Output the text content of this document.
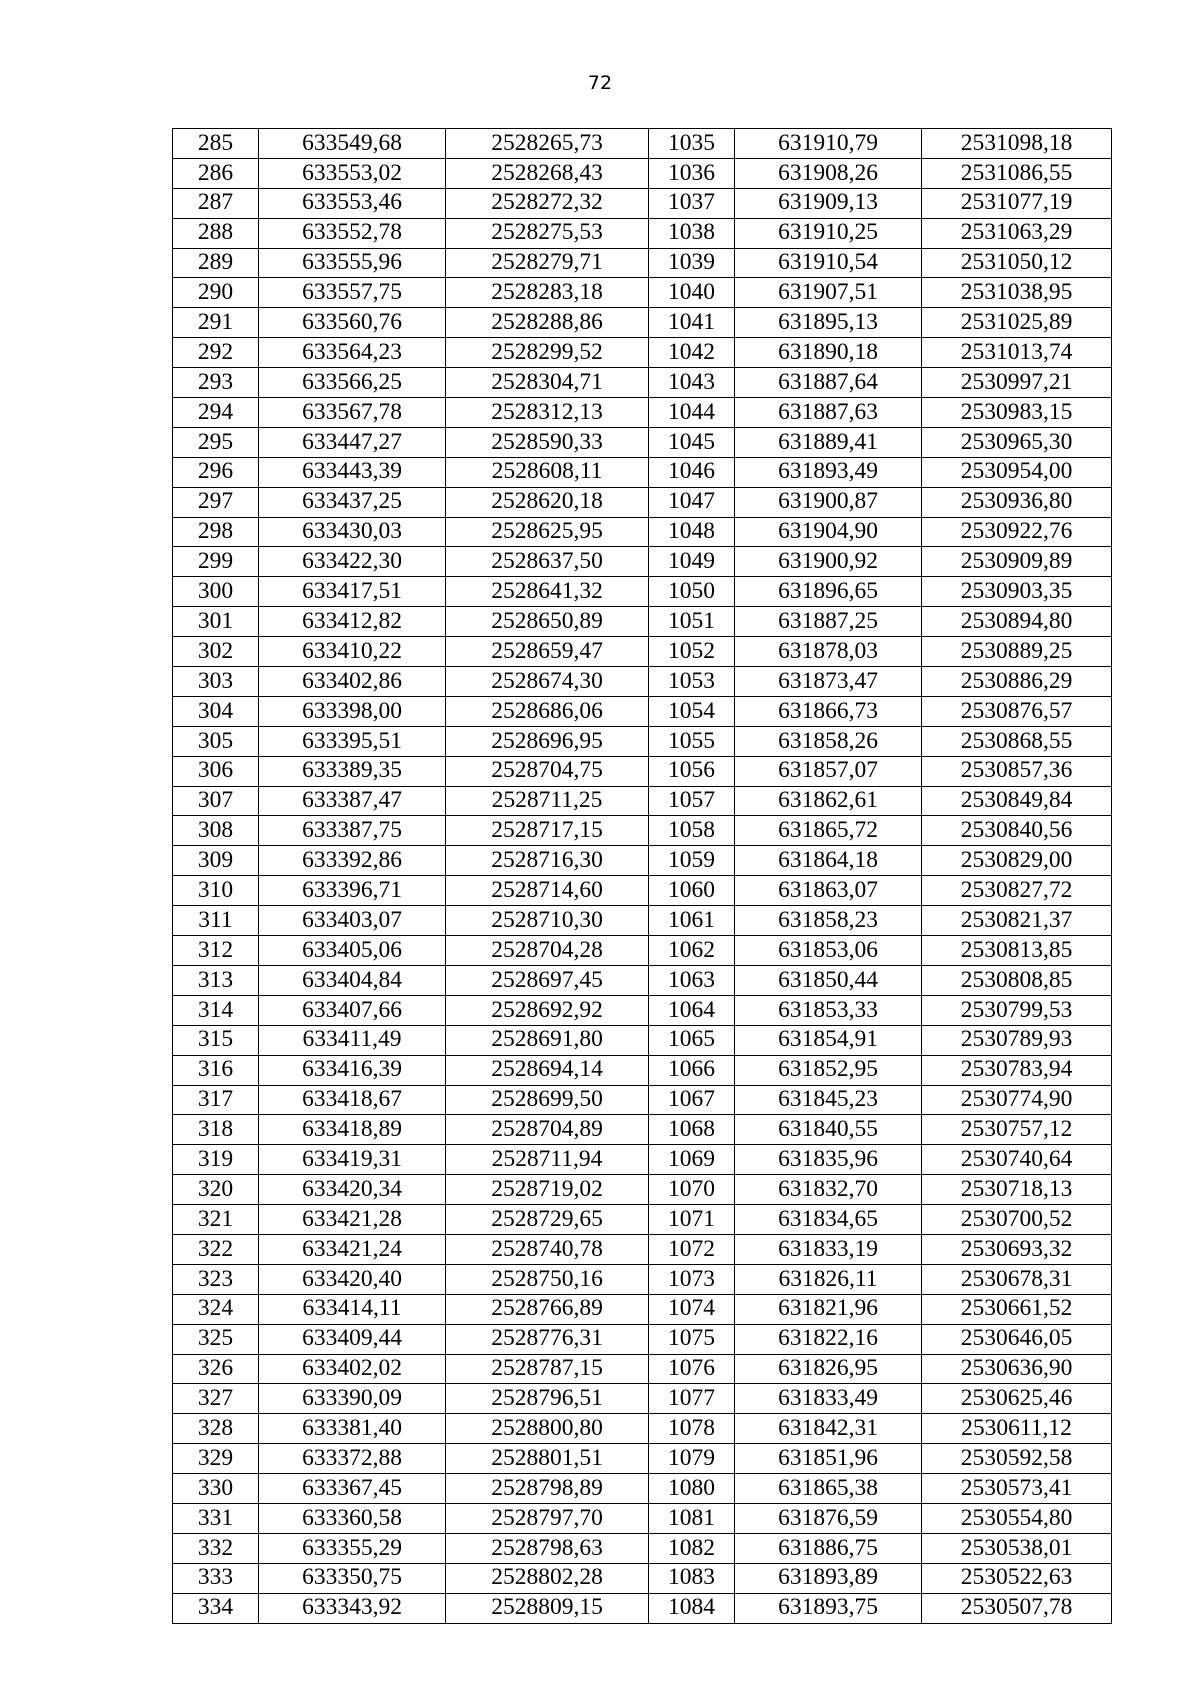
72
285	633549,68	2528265,73	1035	631910,79	2531098,18
286	633553,02	2528268,43	1036	631908,26	2531086,55
287	633553,46	2528272,32	1037	631909,13	2531077,19
288	633552,78	2528275,53	1038	631910,25	2531063,29
289	633555,96	2528279,71	1039	631910,54	2531050,12
290	633557,75	2528283,18	1040	631907,51	2531038,95
291	633560,76	2528288,86	1041	631895,13	2531025,89
292	633564,23	2528299,52	1042	631890,18	2531013,74
293	633566,25	2528304,71	1043	631887,64	2530997,21
294	633567,78	2528312,13	1044	631887,63	2530983,15
295	633447,27	2528590,33	1045	631889,41	2530965,30
296	633443,39	2528608,11	1046	631893,49	2530954,00
297	633437,25	2528620,18	1047	631900,87	2530936,80
298	633430,03	2528625,95	1048	631904,90	2530922,76
299	633422,30	2528637,50	1049	631900,92	2530909,89
300	633417,51	2528641,32	1050	631896,65	2530903,35
301	633412,82	2528650,89	1051	631887,25	2530894,80
302	633410,22	2528659,47	1052	631878,03	2530889,25
303	633402,86	2528674,30	1053	631873,47	2530886,29
304	633398,00	2528686,06	1054	631866,73	2530876,57
305	633395,51	2528696,95	1055	631858,26	2530868,55
306	633389,35	2528704,75	1056	631857,07	2530857,36
307	633387,47	2528711,25	1057	631862,61	2530849,84
308	633387,75	2528717,15	1058	631865,72	2530840,56
309	633392,86	2528716,30	1059	631864,18	2530829,00
310	633396,71	2528714,60	1060	631863,07	2530827,72
311	633403,07	2528710,30	1061	631858,23	2530821,37
312	633405,06	2528704,28	1062	631853,06	2530813,85
313	633404,84	2528697,45	1063	631850,44	2530808,85
314	633407,66	2528692,92	1064	631853,33	2530799,53
315	633411,49	2528691,80	1065	631854,91	2530789,93
316	633416,39	2528694,14	1066	631852,95	2530783,94
317	633418,67	2528699,50	1067	631845,23	2530774,90
318	633418,89	2528704,89	1068	631840,55	2530757,12
319	633419,31	2528711,94	1069	631835,96	2530740,64
320	633420,34	2528719,02	1070	631832,70	2530718,13
321	633421,28	2528729,65	1071	631834,65	2530700,52
322	633421,24	2528740,78	1072	631833,19	2530693,32
323	633420,40	2528750,16	1073	631826,11	2530678,31
324	633414,11	2528766,89	1074	631821,96	2530661,52
325	633409,44	2528776,31	1075	631822,16	2530646,05
326	633402,02	2528787,15	1076	631826,95	2530636,90
327	633390,09	2528796,51	1077	631833,49	2530625,46
328	633381,40	2528800,80	1078	631842,31	2530611,12
329	633372,88	2528801,51	1079	631851,96	2530592,58
330	633367,45	2528798,89	1080	631865,38	2530573,41
331	633360,58	2528797,70	1081	631876,59	2530554,80
332	633355,29	2528798,63	1082	631886,75	2530538,01
333	633350,75	2528802,28	1083	631893,89	2530522,63
334	633343,92	2528809,15	1084	631893,75	2530507,78
